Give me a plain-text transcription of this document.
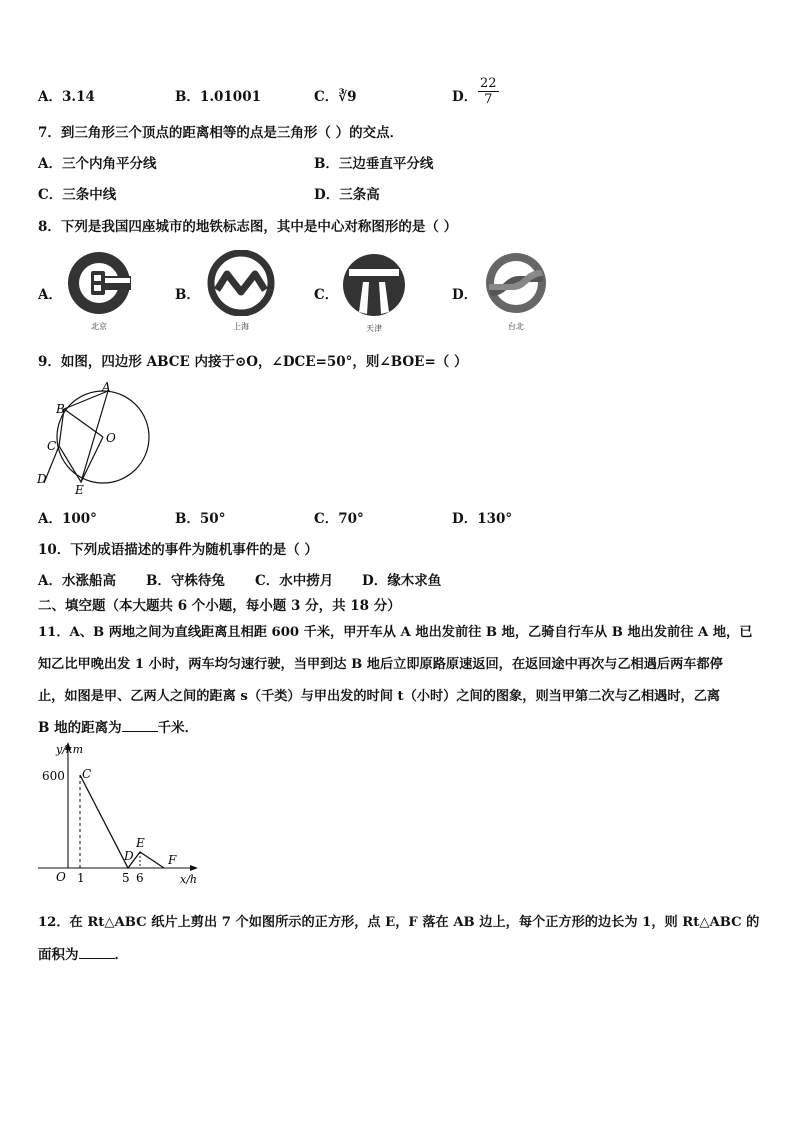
A．3.14	B．1.01001	C．∛9	D． $\frac{22}{7}$
7．到三角形三个顶点的距离相等的点是三角形（ ）的交点．
A．三个内角平分线	B．三边垂直平分线
C．三条中线	D．三条高
8．下列是我国四座城市的地铁标志图，其中是中心对称图形的是（ ）
A．
北京
B．
上海
C．
天津
D．
台北
9．如图，四边形 ABCE 内接于⊙O，∠DCE=50°，则∠BOE=（ ）
A
B
C
D
E
O
A．100°	B．50°	C．70°	D．130°
10．下列成语描述的事件为随机事件的是（ ）
A．水涨船高 B．守株待兔 C．水中捞月 D．缘木求鱼
二、填空题（本大题共 6 个小题，每小题 3 分，共 18 分）
11．A、B 两地之间为直线距离且相距 600 千米，甲开车从 A 地出发前往 B 地，乙骑自行车从 B 地出发前往 A 地，已
知乙比甲晚出发 1 小时，两车均匀速行驶，当甲到达 B 地后立即原路原速返回，在返回途中再次与乙相遇后两车都停
止，如图是甲、乙两人之间的距离 s（千类）与甲出发的时间 t（小时）之间的图象，则当甲第二次与乙相遇时，乙离
B 地的距离为	千米．
y/km
x/h
O
600
1	5 6
C
D
E
F
12．在 Rt△ABC 纸片上剪出 7 个如图所示的正方形，点 E，F 落在 AB 边上，每个正方形的边长为 1，则 Rt△ABC 的
面积为	．
